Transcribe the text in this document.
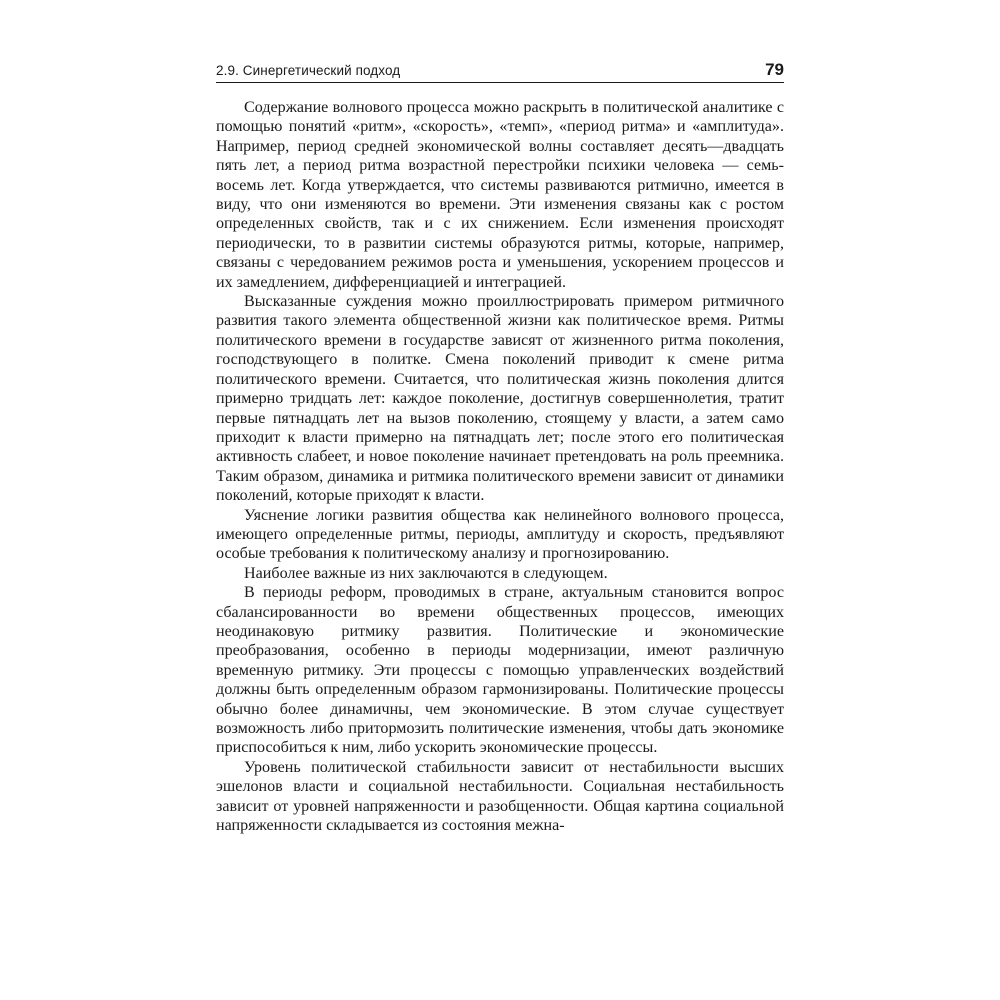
2.9. Синергетический подход	79

Содержание волнового процесса можно раскрыть в политической аналитике с помощью понятий «ритм», «скорость», «темп», «период ритма» и «амплитуда». Например, период средней экономической волны составляет десять—двадцать пять лет, а период ритма возрастной перестройки психики человека — семь-восемь лет. Когда утверждается, что системы развиваются ритмично, имеется в виду, что они изменяются во времени. Эти изменения связаны как с ростом определенных свойств, так и с их снижением. Если изменения происходят периодически, то в развитии системы образуются ритмы, которые, например, связаны с чередованием режимов роста и уменьшения, ускорением процессов и их замедлением, дифференциацией и интеграцией.

Высказанные суждения можно проиллюстрировать примером ритмичного развития такого элемента общественной жизни как политическое время. Ритмы политического времени в государстве зависят от жизненного ритма поколения, господствующего в политке. Смена поколений приводит к смене ритма политического времени. Считается, что политическая жизнь поколения длится примерно тридцать лет: каждое поколение, достигнув совершеннолетия, тратит первые пятнадцать лет на вызов поколению, стоящему у власти, а затем само приходит к власти примерно на пятнадцать лет; после этого его политическая активность слабеет, и новое поколение начинает претендовать на роль преемника. Таким образом, динамика и ритмика политического времени зависит от динамики поколений, которые приходят к власти.

Уяснение логики развития общества как нелинейного волнового процесса, имеющего определенные ритмы, периоды, амплитуду и скорость, предъявляют особые требования к политическому анализу и прогнозированию.

Наиболее важные из них заключаются в следующем.

В периоды реформ, проводимых в стране, актуальным становится вопрос сбалансированности во времени общественных процессов, имеющих неодинаковую ритмику развития. Политические и экономические преобразования, особенно в периоды модернизации, имеют различную временную ритмику. Эти процессы с помощью управленческих воздействий должны быть определенным образом гармонизированы. Политические процессы обычно более динамичны, чем экономические. В этом случае существует возможность либо притормозить политические изменения, чтобы дать экономике приспособиться к ним, либо ускорить экономические процессы.

Уровень политической стабильности зависит от нестабильности высших эшелонов власти и социальной нестабильности. Социальная нестабильность зависит от уровней напряженности и разобщенности. Общая картина социальной напряженности складывается из состояния межна-
